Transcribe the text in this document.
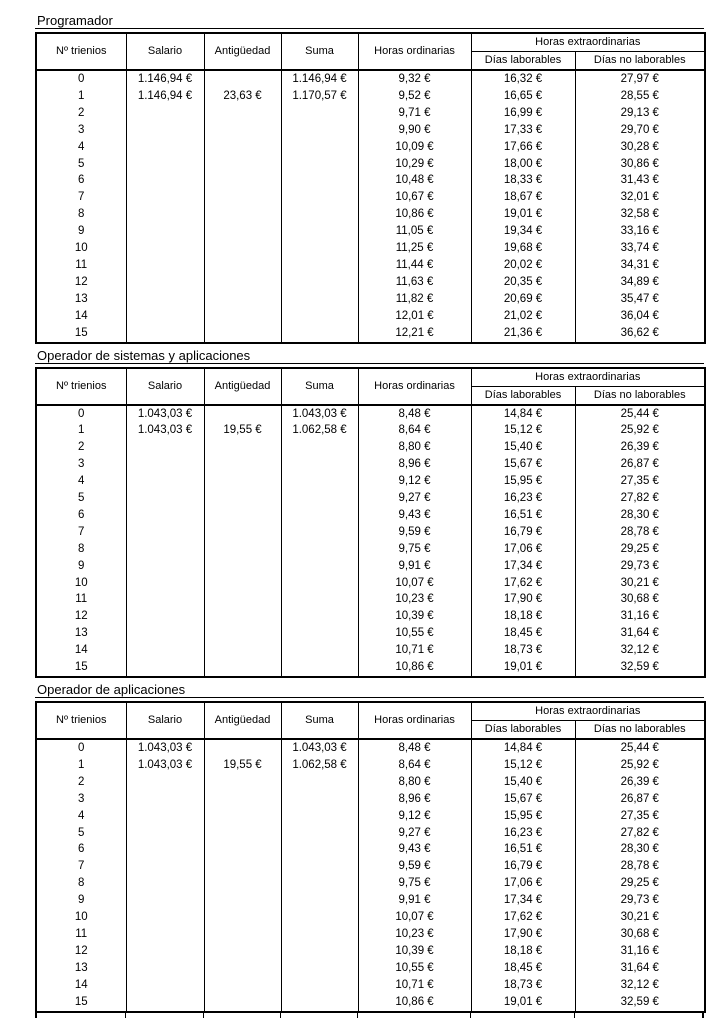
Programador
Nº trienios	Salario	Antigüedad	Suma	Horas ordinarias	Horas extraordinarias	
					Días laborables	Días no laborables
0	1.146,94 €		1.146,94 €	9,32 €	16,32 €	27,97 €
1	1.146,94 €	23,63 €	1.170,57 €	9,52 €	16,65 €	28,55 €
2				9,71 €	16,99 €	29,13 €
3				9,90 €	17,33 €	29,70 €
4				10,09 €	17,66 €	30,28 €
5				10,29 €	18,00 €	30,86 €
6				10,48 €	18,33 €	31,43 €
7				10,67 €	18,67 €	32,01 €
8				10,86 €	19,01 €	32,58 €
9				11,05 €	19,34 €	33,16 €
10				11,25 €	19,68 €	33,74 €
11				11,44 €	20,02 €	34,31 €
12				11,63 €	20,35 €	34,89 €
13				11,82 €	20,69 €	35,47 €
14				12,01 €	21,02 €	36,04 €
15				12,21 €	21,36 €	36,62 €
Operador de sistemas y aplicaciones
Nº trienios	Salario	Antigüedad	Suma	Horas ordinarias	Horas extraordinarias	
					Días laborables	Días no laborables
0	1.043,03 €		1.043,03 €	8,48 €	14,84 €	25,44 €
1	1.043,03 €	19,55 €	1.062,58 €	8,64 €	15,12 €	25,92 €
2				8,80 €	15,40 €	26,39 €
3				8,96 €	15,67 €	26,87 €
4				9,12 €	15,95 €	27,35 €
5				9,27 €	16,23 €	27,82 €
6				9,43 €	16,51 €	28,30 €
7				9,59 €	16,79 €	28,78 €
8				9,75 €	17,06 €	29,25 €
9				9,91 €	17,34 €	29,73 €
10				10,07 €	17,62 €	30,21 €
11				10,23 €	17,90 €	30,68 €
12				10,39 €	18,18 €	31,16 €
13				10,55 €	18,45 €	31,64 €
14				10,71 €	18,73 €	32,12 €
15				10,86 €	19,01 €	32,59 €
Operador de aplicaciones
Nº trienios	Salario	Antigüedad	Suma	Horas ordinarias	Horas extraordinarias	
					Días laborables	Días no laborables
0	1.043,03 €		1.043,03 €	8,48 €	14,84 €	25,44 €
1	1.043,03 €	19,55 €	1.062,58 €	8,64 €	15,12 €	25,92 €
2				8,80 €	15,40 €	26,39 €
3				8,96 €	15,67 €	26,87 €
4				9,12 €	15,95 €	27,35 €
5				9,27 €	16,23 €	27,82 €
6				9,43 €	16,51 €	28,30 €
7				9,59 €	16,79 €	28,78 €
8				9,75 €	17,06 €	29,25 €
9				9,91 €	17,34 €	29,73 €
10				10,07 €	17,62 €	30,21 €
11				10,23 €	17,90 €	30,68 €
12				10,39 €	18,18 €	31,16 €
13				10,55 €	18,45 €	31,64 €
14				10,71 €	18,73 €	32,12 €
15				10,86 €	19,01 €	32,59 €
